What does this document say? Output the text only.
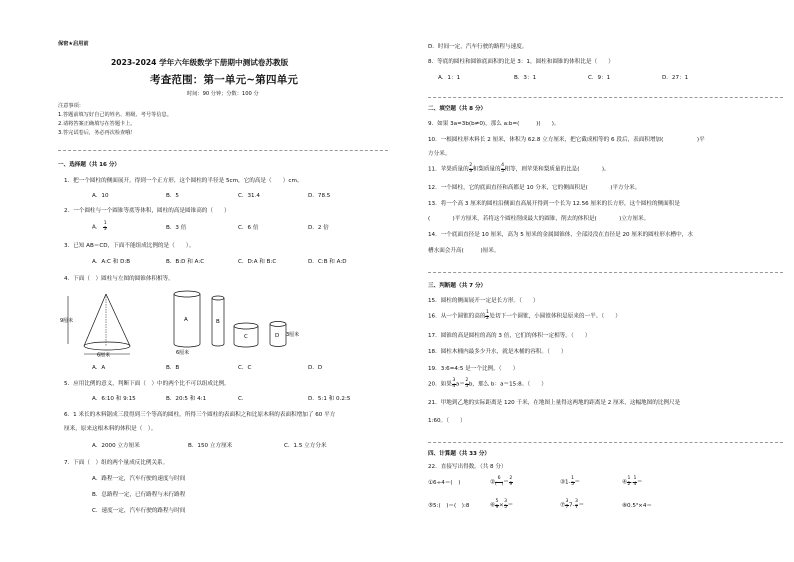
保密★启用前
2023-2024 学年六年级数学下册期中测试卷苏教版
考查范围：第一单元~第四单元
时间：90 分钟；分数：100 分
注意事项：
1.答题前填写好自己的姓名、班级、考号等信息。
2.请将答案正确填写在答题卡上。
3.答完试卷后，务必再次检查哦！
一、选择题（共 16 分）
1．把一个圆柱的侧面展开，得到一个正方形，这个圆柱的半径是 5cm，它的高是（　　）cm。
A．10	B．5	C．31.4	D．78.5
2．一个圆柱与一个圆锥等底等体积，圆柱的高是圆锥高的（　　）
A． $\frac{1}{3}$	B．3 倍	C．6 倍	D．2 倍
3．已知 AB＝CD，下面不能组成比例的是（　　）。
A．A:C 和 D:B	B．B:D 和 A:C	C．D:A 和 B:C	D．C:B 和 A:D
4．下面（　）圆柱与左图的圆锥体积相等。
9厘米
6厘米
A
6厘米
B
C	D 3厘米
A．A	B．B	C．C	D．D
5．应用比例的意义，判断下面（　）中的两个比不可以组成比例。
A．6:10 和 9:15	B．20:5 和 4:1	C．	D．5:1 和 0.2:5
6．1 米长的木料锯成三段得到三个等高的圆柱，所得三个圆柱的表面积之和比原木料的表面积增加了 60 平方
厘米，原来这根木料的体积是（　）。
A．2000 立方厘米	B．150 立方厘米	C．1.5 立方分米
7．下面（　）组的两个量成反比例关系。
A．路程一定，汽车行驶的速度与时间
B．总路程一定，已行路程与未行路程
C．速度一定，汽车行驶的路程与时间
D．时间一定，汽车行驶的路程与速度。
8．等底的圆柱和圆锥底面积的比是 3：1，圆柱和圆锥的体积比是（　　）
A．1：1	B．3：1	C．9：1	D．27：1
二、填空题（共 8 分）
9．如果 3a=3b(b≠0)，那么 a:b=(　　　)(　　)。
10．一根圆柱形木料长 2 厘米，体积为 62.8 立方厘米，把它截成相等的 6 段后，表面积增加(　　　　　　)平
方分米。
11．苹果质量的 $\frac{2}{3}$ 和梨质量的 $\frac{4}{5}$ 相等，则苹果和梨质量的比是(　　　　)。
12．一个圆柱，它的底面直径和高都是 10 分米，它的侧面积是(　　　　)平方分米。
13．将一个高 3 厘米的圆柱沿侧面直高展开得到一个长为 12.56 厘米的长方形，这个圆柱的侧面积是
(　　　　)平方厘米，若将这个圆柱削成最大的圆锥，削去的体积是(　　　　)立方厘米。
14．一个底面直径是 10 厘米，高为 5 厘米的金属圆锥体，全部浸没在直径是 20 厘米的圆柱形水槽中，水
槽水面会升高(　　　)厘米。
三、判断题（共 7 分）
15．圆柱的侧面展开一定是长方形。（　　）
16．从一个圆锥的高的 $\frac{1}{2}$ 处切下一个圆锥，小圆锥体积是原来的一半。（　　）
17．圆锥的高是圆柱的高的 3 倍，它们的体积一定相等。（　　）
18．圆柱木桶内最多少升水，就是木桶的容积。（　　）
19．3:6=4:5 是一个比例。（　　）
20．如果 $\frac{3}{4} a= \frac{2}{5}$ b，那么 b：a＝15:8。（　　）
21．甲地到乙地的实际距离是 120 千米，在地图上量得这两地的距离是 2 厘米，这幅地图的比例尺是
1:60。（　　）
四、计算题（共 33 分）
22．直接写出得数。（共 8 分）
①6÷4＝(　)	② $\frac{6}{( )} = \frac{2}{9}$	③1- $\frac{1}{5}$ ＝	④ $\frac{1}{2} - \frac{1}{4}$ ＝
⑤5:(　)＝(　):8	⑥ $\frac{5}{9} \times \frac{3}{5}$ ＝	⑦ $\frac{3}{7} 7- \frac{3}{7}$ ＝	⑧0.5³×4＝
